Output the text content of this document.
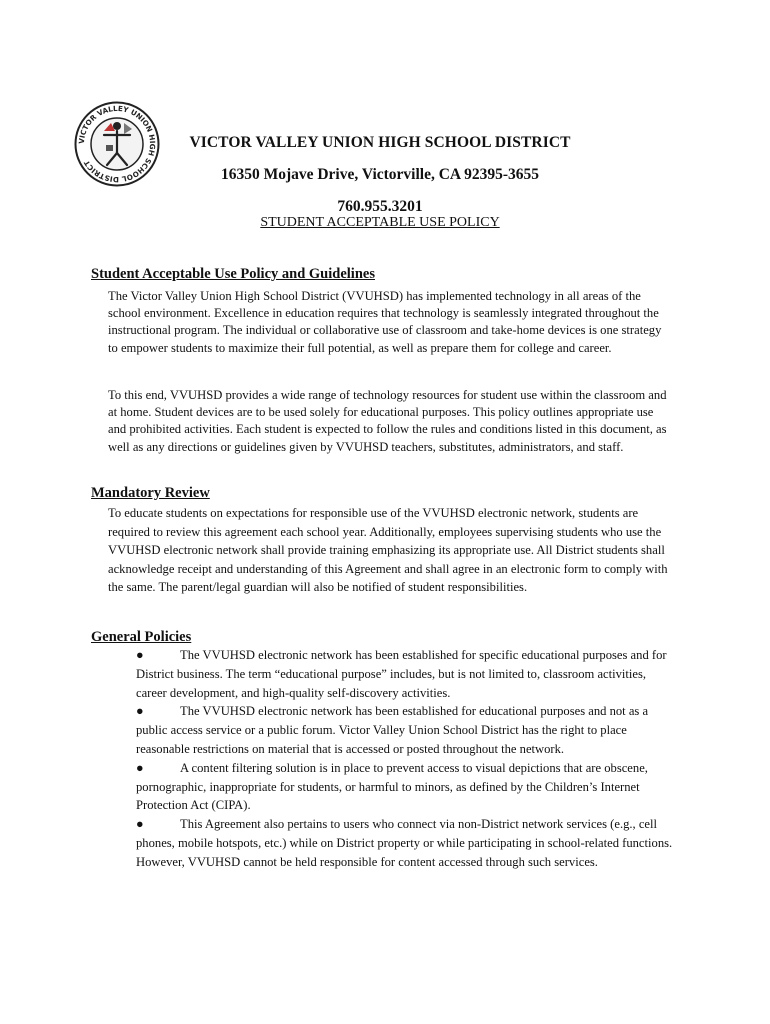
VICTOR VALLEY UNION HIGH SCHOOL DISTRICT
VICTOR VALLEY UNION HIGH SCHOOL DISTRICT
16350 Mojave Drive, Victorville, CA 92395-3655
760.955.3201
STUDENT ACCEPTABLE USE POLICY
Student Acceptable Use Policy and Guidelines

The Victor Valley Union High School District (VVUHSD) has implemented technology in all areas of the school environment. Excellence in education requires that technology is seamlessly integrated throughout the instructional program. The individual or collaborative use of classroom and take-home devices is one strategy to empower students to maximize their full potential, as well as prepare them for college and career.

To this end, VVUHSD provides a wide range of technology resources for student use within the classroom and at home. Student devices are to be used solely for educational purposes. This policy outlines appropriate use and prohibited activities. Each student is expected to follow the rules and conditions listed in this document, as well as any directions or guidelines given by VVUHSD teachers, substitutes, administrators, and staff.

Mandatory Review

To educate students on expectations for responsible use of the VVUHSD electronic network, students are required to review this agreement each school year. Additionally, employees supervising students who use the VVUHSD electronic network shall provide training emphasizing its appropriate use. All District students shall acknowledge receipt and understanding of this Agreement and shall agree in an electronic form to comply with the same. The parent/legal guardian will also be notified of student responsibilities.

General Policies
●	The VVUHSD electronic network has been established for specific educational purposes and for District business. The term “educational purpose” includes, but is not limited to, classroom activities, career development, and high-quality self-discovery activities.
●	The VVUHSD electronic network has been established for educational purposes and not as a public access service or a public forum. Victor Valley Union School District has the right to place reasonable restrictions on material that is accessed or posted throughout the network.
●	A content filtering solution is in place to prevent access to visual depictions that are obscene, pornographic, inappropriate for students, or harmful to minors, as defined by the Children’s Internet Protection Act (CIPA).
●	This Agreement also pertains to users who connect via non-District network services (e.g., cell phones, mobile hotspots, etc.) while on District property or while participating in school-related functions. However, VVUHSD cannot be held responsible for content accessed through such services.
